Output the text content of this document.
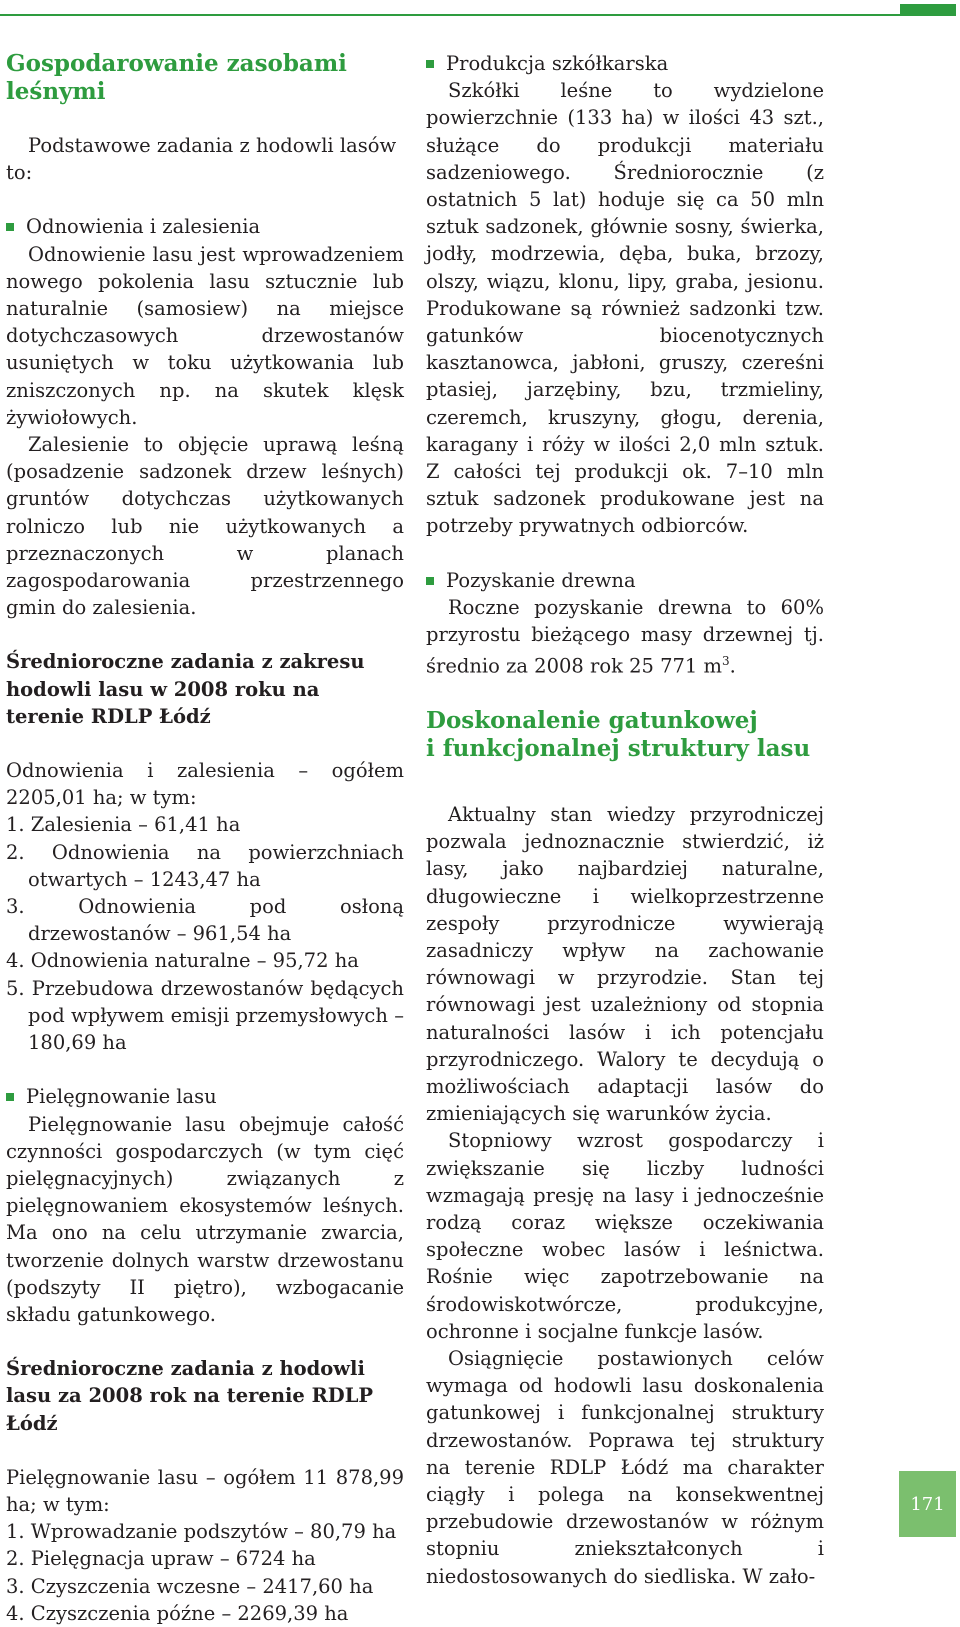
Gospodarowanie zasobami leśnymi

Podstawowe zadania z hodowli lasów to:

Odnowienia i zalesienia

Odnowienie lasu jest wprowadzeniem nowego pokolenia lasu sztucznie lub naturalnie (samosiew) na miejsce dotychczasowych drzewostanów usuniętych w toku użytkowania lub zniszczonych np. na skutek klęsk żywiołowych.

Zalesienie to objęcie uprawą leśną (posadzenie sadzonek drzew leśnych) gruntów dotychczas użytkowanych rolniczo lub nie użytkowanych a przeznaczonych w planach zagospodarowania przestrzennego gmin do zalesienia.

Średnioroczne zadania z zakresu hodowli lasu w 2008 roku na terenie RDLP Łódź

Odnowienia i zalesienia – ogółem 2205,01 ha; w tym:

1. Zalesienia – 61,41 ha

2. Odnowienia na powierzchniach otwartych – 1243,47 ha

3. Odnowienia pod osłoną drzewostanów – 961,54 ha

4. Odnowienia naturalne – 95,72 ha

5. Przebudowa drzewostanów będących pod wpływem emisji przemysłowych – 180,69 ha

Pielęgnowanie lasu

Pielęgnowanie lasu obejmuje całość czynności gospodarczych (w tym cięć pielęgnacyjnych) związanych z pielęgnowaniem ekosystemów leśnych. Ma ono na celu utrzymanie zwarcia, tworzenie dolnych warstw drzewostanu (podszyty II piętro), wzbogacanie składu gatunkowego.

Średnioroczne zadania z hodowli lasu za 2008 rok na terenie RDLP Łódź

Pielęgnowanie lasu – ogółem 11 878,99 ha; w tym:

1. Wprowadzanie podszytów – 80,79 ha

2. Pielęgnacja upraw – 6724 ha

3. Czyszczenia wczesne – 2417,60 ha

4. Czyszczenia późne – 2269,39 ha

Produkcja szkółkarska

Szkółki leśne to wydzielone powierzchnie (133 ha) w ilości 43 szt., służące do produkcji materiału sadzeniowego. Średniorocznie (z ostatnich 5 lat) hoduje się ca 50 mln sztuk sadzonek, głównie sosny, świerka, jodły, modrzewia, dęba, buka, brzozy, olszy, wiązu, klonu, lipy, graba, jesionu. Produkowane są również sadzonki tzw. gatunków biocenotycznych kasztanowca, jabłoni, gruszy, czereśni ptasiej, jarzębiny, bzu, trzmieliny, czeremch, kruszyny, głogu, derenia, karagany i róży w ilości 2,0 mln sztuk. Z całości tej produkcji ok. 7–10 mln sztuk sadzonek produkowane jest na potrzeby prywatnych odbiorców.

Pozyskanie drewna

Roczne pozyskanie drewna to 60% przyrostu bieżącego masy drzewnej tj. średnio za 2008 rok 25 771 $m^3$.

Doskonalenie gatunkowej
i funkcjonalnej struktury lasu

Aktualny stan wiedzy przyrodniczej pozwala jednoznacznie stwierdzić, iż lasy, jako najbardziej naturalne, długowieczne i wielkoprzestrzenne zespoły przyrodnicze wywierają zasadniczy wpływ na zachowanie równowagi w przyrodzie. Stan tej równowagi jest uzależniony od stopnia naturalności lasów i ich potencjału przyrodniczego. Walory te decydują o możliwościach adaptacji lasów do zmieniających się warunków życia.

Stopniowy wzrost gospodarczy i zwiększanie się liczby ludności wzmagają presję na lasy i jednocześnie rodzą coraz większe oczekiwania społeczne wobec lasów i leśnictwa. Rośnie więc zapotrzebowanie na środowiskotwórcze, produkcyjne, ochronne i socjalne funkcje lasów.

Osiągnięcie postawionych celów wymaga od hodowli lasu doskonalenia gatunkowej i funkcjonalnej struktury drzewostanów. Poprawa tej struktury na terenie RDLP Łódź ma charakter ciągły i polega na konsekwentnej przebudowie drzewostanów w różnym stopniu zniekształconych i niedostosowanych do siedliska. W zało-

171
